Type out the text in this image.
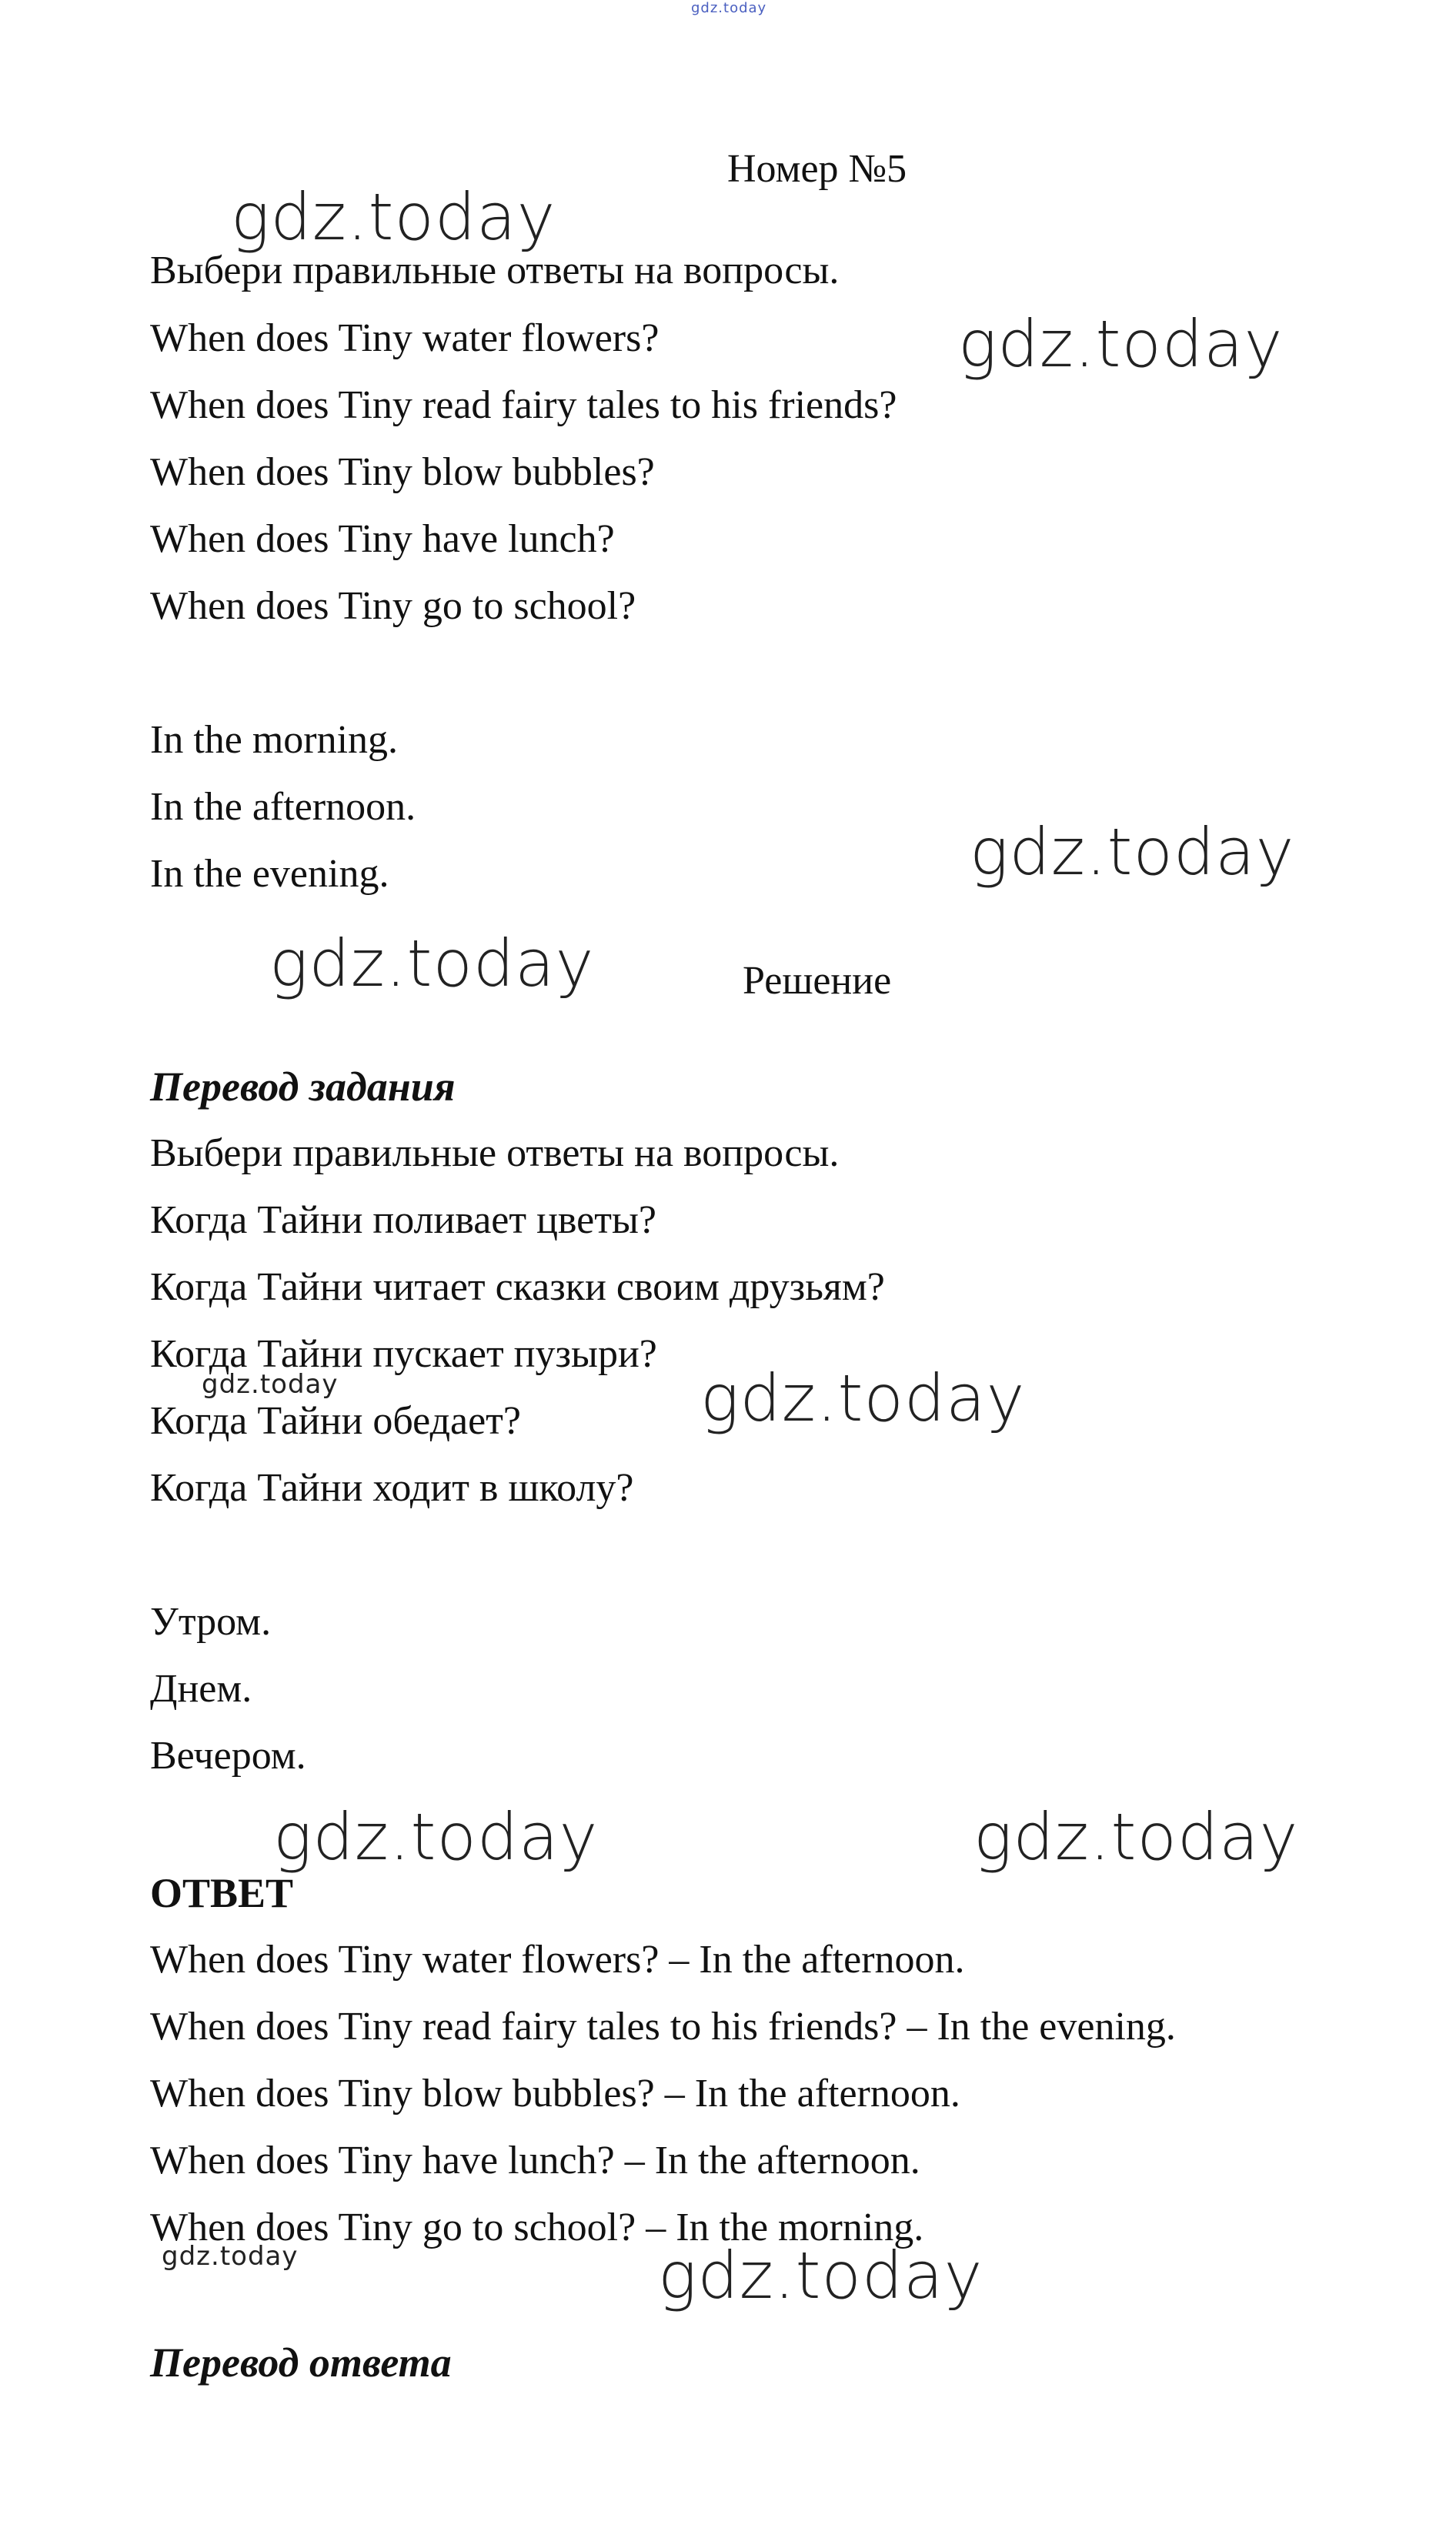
gdz.today
gdz.today
gdz.today
gdz.today
gdz.today
gdz.today	gdz.today
gdz.today	gdz.today
gdz.today	gdz.today
Номер №5
Выбери правильные ответы на вопросы.
When does Tiny water flowers?
When does Tiny read fairy tales to his friends?
When does Tiny blow bubbles?
When does Tiny have lunch?
When does Tiny go to school?
In the morning.
In the afternoon.
In the evening.
Решение
Перевод задания
Выбери правильные ответы на вопросы.
Когда Тайни поливает цветы?
Когда Тайни читает сказки своим друзьям?
Когда Тайни пускает пузыри?
Когда Тайни обедает?
Когда Тайни ходит в школу?
Утром.
Днем.
Вечером.
ОТВЕТ
When does Tiny water flowers? – In the afternoon.
When does Tiny read fairy tales to his friends? – In the evening.
When does Tiny blow bubbles? – In the afternoon.
When does Tiny have lunch? – In the afternoon.
When does Tiny go to school? – In the morning.
Перевод ответа
